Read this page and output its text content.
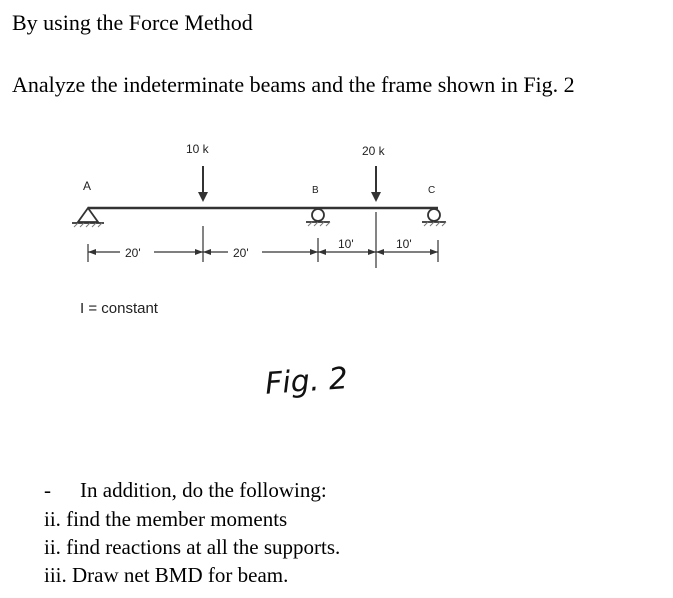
By using the Force Method
Analyze the indeterminate beams and the frame shown in Fig. 2
A	B	C
10 k	20 k
20'	20'
10'	10'
I = constant
Fig. 2
- In addition, do the following:
ii. find the member moments
ii. find reactions at all the supports.
iii. Draw net BMD for beam.
